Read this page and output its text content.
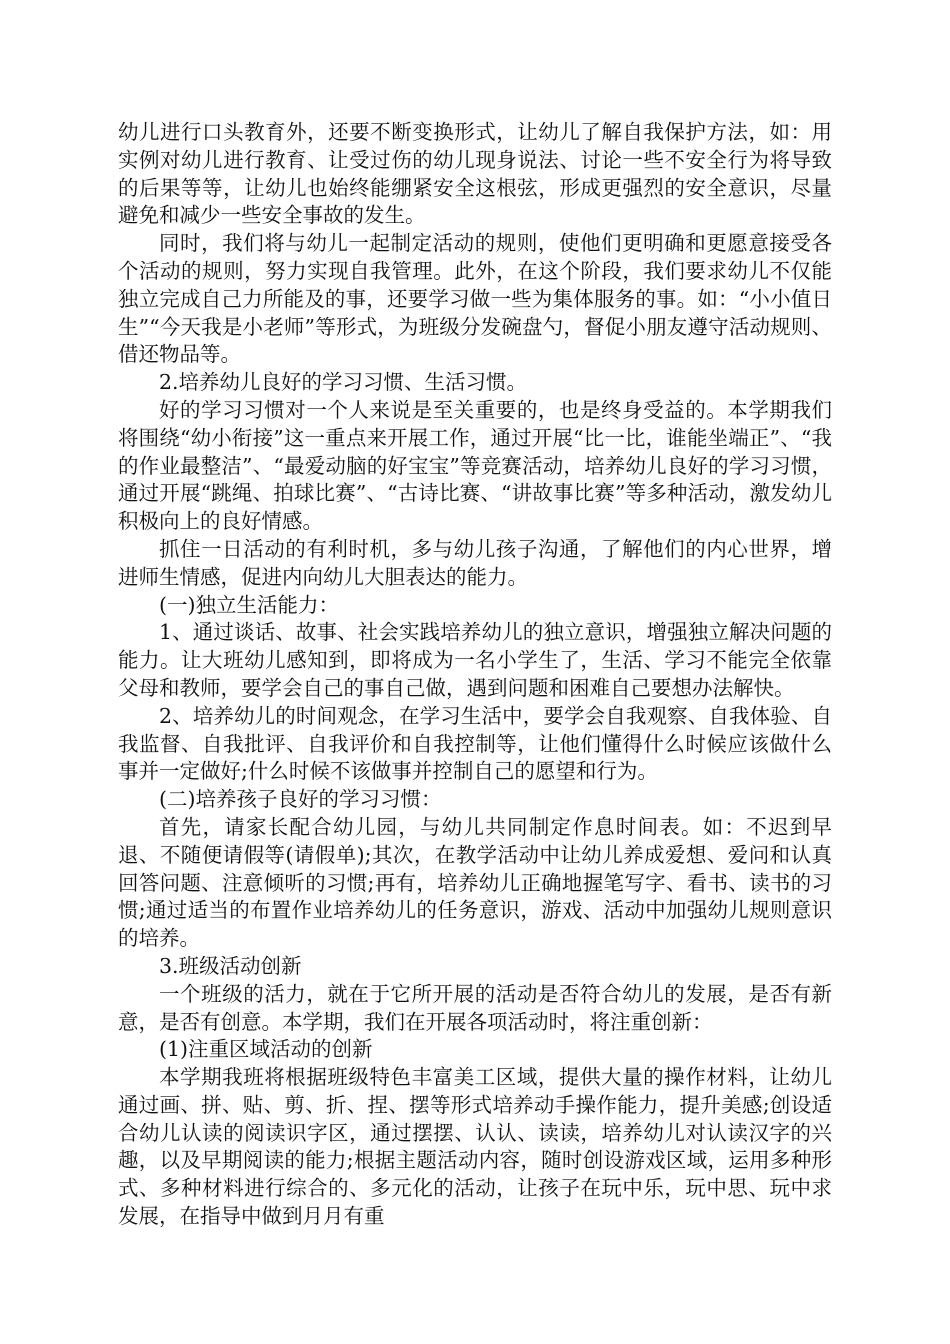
幼儿进行口头教育外，还要不断变换形式，让幼儿了解自我保护方法，如：用实例对幼儿进行教育、让受过伤的幼儿现身说法、讨论一些不安全行为将导致的后果等等，让幼儿也始终能绷紧安全这根弦，形成更强烈的安全意识，尽量避免和减少一些安全事故的发生。

同时，我们将与幼儿一起制定活动的规则，使他们更明确和更愿意接受各个活动的规则，努力实现自我管理。此外，在这个阶段，我们要求幼儿不仅能独立完成自己力所能及的事，还要学习做一些为集体服务的事。如：“小小值日生”“今天我是小老师”等形式，为班级分发碗盘勺，督促小朋友遵守活动规则、借还物品等。

2.培养幼儿良好的学习习惯、生活习惯。

好的学习习惯对一个人来说是至关重要的，也是终身受益的。本学期我们将围绕“幼小衔接”这一重点来开展工作，通过开展“比一比，谁能坐端正”、“我的作业最整洁”、“最爱动脑的好宝宝”等竞赛活动，培养幼儿良好的学习习惯，通过开展“跳绳、拍球比赛”、“古诗比赛、“讲故事比赛”等多种活动，激发幼儿积极向上的良好情感。

抓住一日活动的有利时机，多与幼儿孩子沟通，了解他们的内心世界，增进师生情感，促进内向幼儿大胆表达的能力。

(一)独立生活能力：

1、通过谈话、故事、社会实践培养幼儿的独立意识，增强独立解决问题的能力。让大班幼儿感知到，即将成为一名小学生了，生活、学习不能完全依靠父母和教师，要学会自己的事自己做，遇到问题和困难自己要想办法解快。

2、培养幼儿的时间观念，在学习生活中，要学会自我观察、自我体验、自我监督、自我批评、自我评价和自我控制等，让他们懂得什么时候应该做什么事并一定做好;什么时候不该做事并控制自己的愿望和行为。

(二)培养孩子良好的学习习惯：

首先，请家长配合幼儿园，与幼儿共同制定作息时间表。如：不迟到早退、不随便请假等(请假单);其次，在教学活动中让幼儿养成爱想、爱问和认真回答问题、注意倾听的习惯;再有，培养幼儿正确地握笔写字、看书、读书的习惯;通过适当的布置作业培养幼儿的任务意识，游戏、活动中加强幼儿规则意识的培养。

3.班级活动创新

一个班级的活力，就在于它所开展的活动是否符合幼儿的发展，是否有新意，是否有创意。本学期，我们在开展各项活动时，将注重创新：

(1)注重区域活动的创新

本学期我班将根据班级特色丰富美工区域，提供大量的操作材料，让幼儿通过画、拼、贴、剪、折、捏、摆等形式培养动手操作能力，提升美感;创设适合幼儿认读的阅读识字区，通过摆摆、认认、读读，培养幼儿对认读汉字的兴趣，以及早期阅读的能力;根据主题活动内容，随时创设游戏区域，运用多种形式、多种材料进行综合的、多元化的活动，让孩子在玩中乐，玩中思、玩中求发展，在指导中做到月月有重
